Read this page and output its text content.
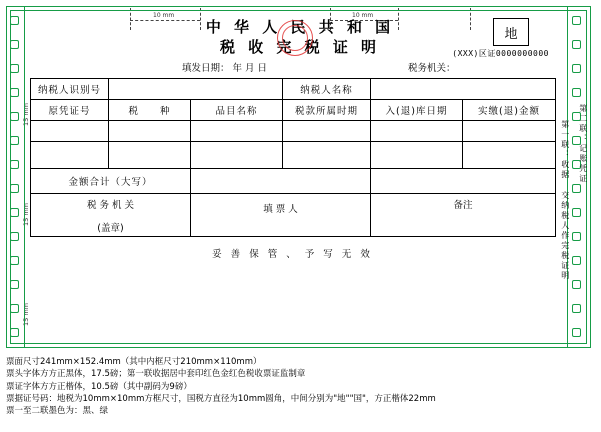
10 mm	10 mm
15 mm
15 mm
15 mm
中 华 人 民 共 和 国
税 收 完 税 证 明
地
(XXX)区证0000000000
填发日期： 年 月 日	税务机关：
纳税人识别号			纳税人名称		
原凭证号	税　　种	品目名称	税款所属时期	入(退)库日期	实缴(退)金额

金额合计（大写）					

税 务 机 关
(盖章)		填 票 人		备注	
妥 善 保 管 、 予 写 无 效	第一联：收据 交纳税人作完税证明 第二联：记账凭证
票面尺寸241mm×152.4mm（其中内框尺寸210mm×110mm）
票头字体方方正黑体，17.5磅；第一联收据居中套印红色金红色税收票证监制章
票证字体方方正楷体，10.5磅（其中副码为9磅）
票据证号码：地税为10mm×10mm方框尺寸，国税方直径为10mm圆角，中间分别为"地""国"，方正楷体22mm
票一至二联墨色为：黑、绿
